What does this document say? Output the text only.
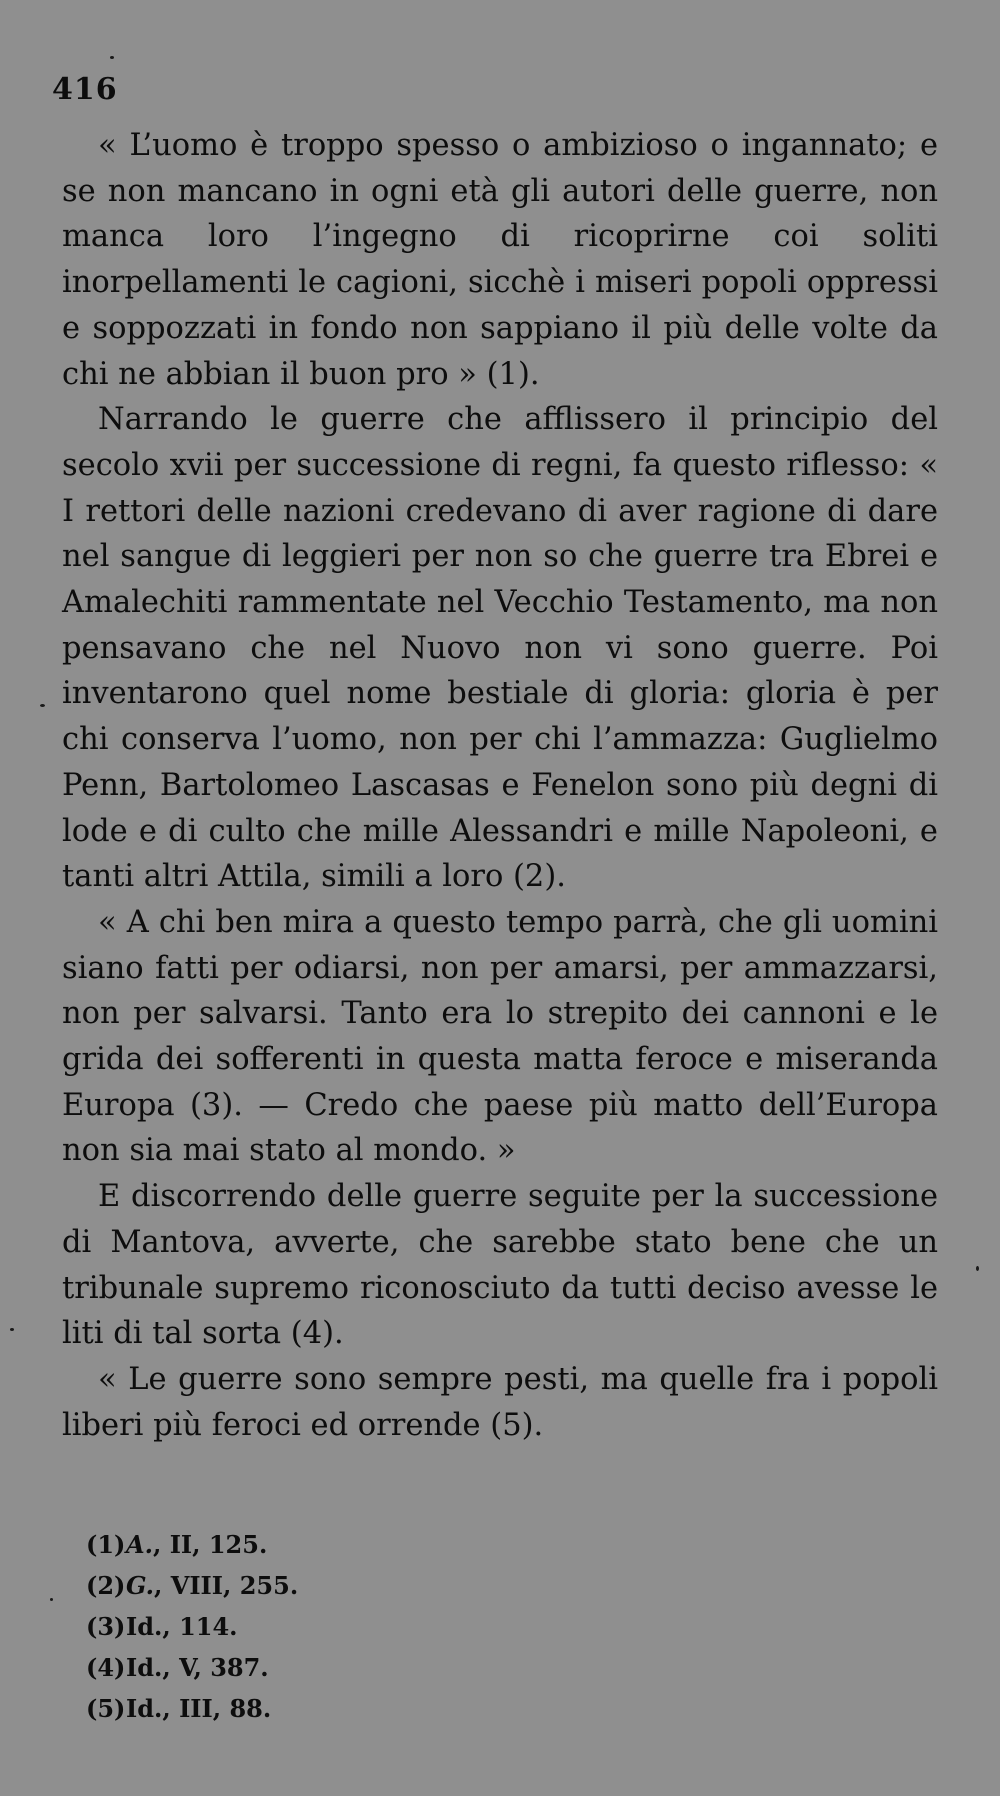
416

« L’uomo è troppo spesso o ambizioso o ingannato; e se non mancano in ogni età gli autori delle guerre, non manca loro l’ingegno di ricoprirne coi soliti inorpellamenti le cagioni, sicchè i miseri popoli oppressi e soppozzati in fondo non sappiano il più delle volte da chi ne abbian il buon pro » (1).

Narrando le guerre che afflissero il principio del secolo xvii per successione di regni, fa questo riflesso: « I rettori delle nazioni credevano di aver ragione di dare nel sangue di leggieri per non so che guerre tra Ebrei e Amalechiti rammentate nel Vecchio Testamento, ma non pensavano che nel Nuovo non vi sono guerre. Poi inventarono quel nome bestiale di gloria: gloria è per chi conserva l’uomo, non per chi l’ammazza: Guglielmo Penn, Bartolomeo Lascasas e Fenelon sono più degni di lode e di culto che mille Alessandri e mille Napoleoni, e tanti altri Attila, simili a loro (2).

« A chi ben mira a questo tempo parrà, che gli uomini siano fatti per odiarsi, non per amarsi, per ammazzarsi, non per salvarsi. Tanto era lo strepito dei cannoni e le grida dei sofferenti in questa matta feroce e miseranda Europa (3). — Credo che paese più matto dell’Europa non sia mai stato al mondo. »

E discorrendo delle guerre seguite per la successione di Mantova, avverte, che sarebbe stato bene che un tribunale supremo riconosciuto da tutti deciso avesse le liti di tal sorta (4).

« Le guerre sono sempre pesti, ma quelle fra i popoli liberi più feroci ed orrende (5).

(1)A., II, 125.
(2)G., VIII, 255.
(3)Id., 114.
(4)Id., V, 387.
(5)Id., III, 88.
